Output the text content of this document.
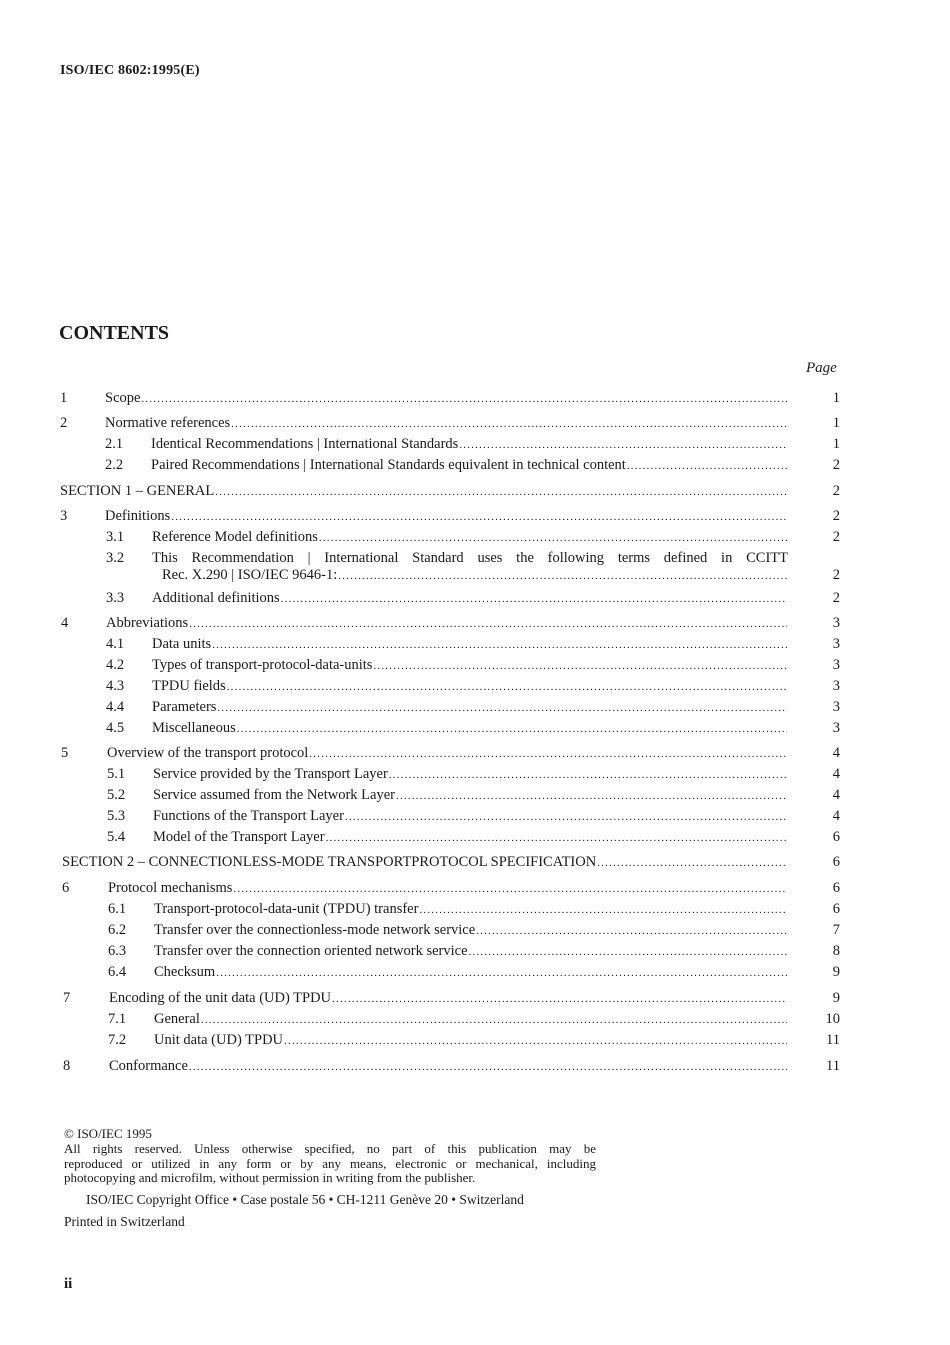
ISO/IEC 8602:1995(E)
CONTENTS
Page
1	Scope .....	1
2	Normative references .....	1
2.1 Identical Recommendations | International Standards .....	1
2.2 Paired Recommendations | International Standards equivalent in technical content .....	2
SECTION 1 – GENERAL .....	2
3	Definitions .....	2
3.1 Reference Model definitions .....	2
3.2 This Recommendation | International Standard uses the following terms defined in CCITT
Rec. X.290 | ISO/IEC 9646-1: .....	2
3.3 Additional definitions .....	2
4	Abbreviations .....	3
4.1 Data units .....	3
4.2 Types of transport-protocol-data-units .....	3
4.3 TPDU fields .....	3
4.4 Parameters .....	3
4.5 Miscellaneous .....	3
5	Overview of the transport protocol .....	4
5.1 Service provided by the Transport Layer .....	4
5.2 Service assumed from the Network Layer .....	4
5.3 Functions of the Transport Layer .....	4
5.4 Model of the Transport Layer .....	6
SECTION 2 – CONNECTIONLESS-MODE TRANSPORTPROTOCOL SPECIFICATION .....	6
6	Protocol mechanisms .....	6
6.1 Transport-protocol-data-unit (TPDU) transfer .....	6
6.2 Transfer over the connectionless-mode network service .....	7
6.3 Transfer over the connection oriented network service .....	8
6.4 Checksum .....	9
7	Encoding of the unit data (UD) TPDU .....	9
7.1 General .....	10
7.2 Unit data (UD) TPDU .....	11
8	Conformance .....	11
© ISO/IEC 1995
All rights reserved. Unless otherwise specified, no part of this publication may be
reproduced or utilized in any form or by any means, electronic or mechanical, including
photocopying and microfilm, without permission in writing from the publisher.
ISO/IEC Copyright Office • Case postale 56 • CH-1211 Genève 20 • Switzerland
Printed in Switzerland
ii
